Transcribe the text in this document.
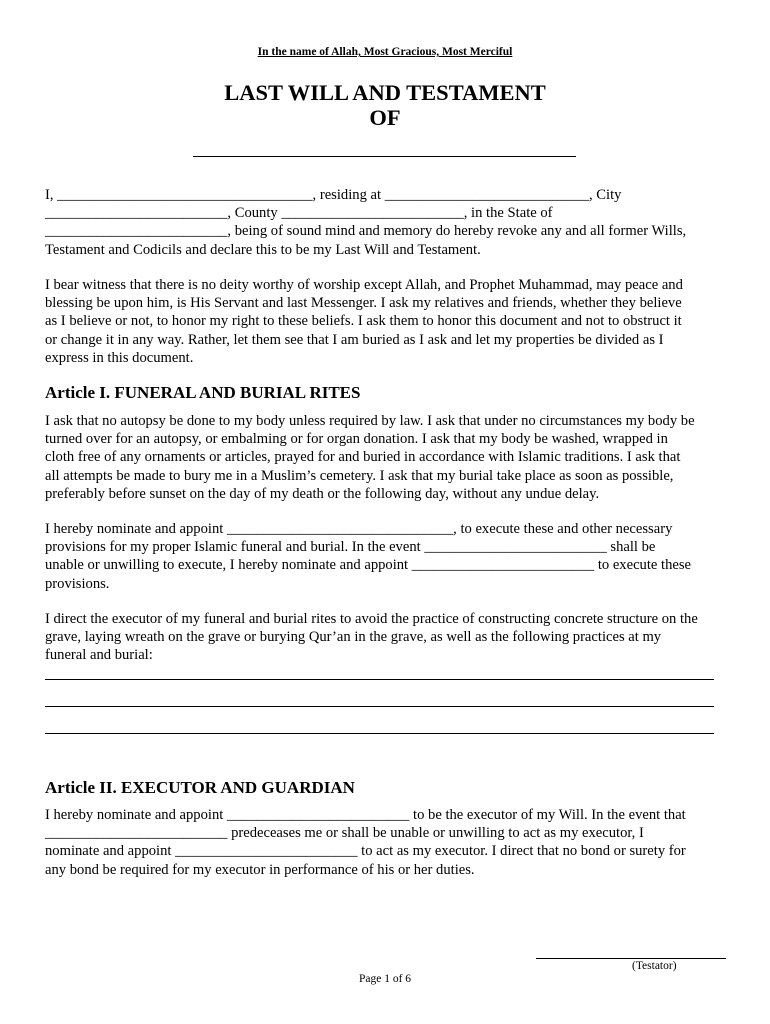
In the name of Allah, Most Gracious, Most Merciful
LAST WILL AND TESTAMENT
OF

I, ___________________________________, residing at ____________________________, City

_________________________, County _________________________, in the State of

_________________________, being of sound mind and memory do hereby revoke any and all former Wills,

Testament and Codicils and declare this to be my Last Will and Testament.

I bear witness that there is no deity worthy of worship except Allah, and Prophet Muhammad, may peace and

blessing be upon him, is His Servant and last Messenger. I ask my relatives and friends, whether they believe

as I believe or not, to honor my right to these beliefs. I ask them to honor this document and not to obstruct it

or change it in any way. Rather, let them see that I am buried as I ask and let my properties be divided as I

express in this document.

Article I. FUNERAL AND BURIAL RITES

I ask that no autopsy be done to my body unless required by law. I ask that under no circumstances my body be

turned over for an autopsy, or embalming or for organ donation. I ask that my body be washed, wrapped in

cloth free of any ornaments or articles, prayed for and buried in accordance with Islamic traditions. I ask that

all attempts be made to bury me in a Muslim’s cemetery. I ask that my burial take place as soon as possible,

preferably before sunset on the day of my death or the following day, without any undue delay.

I hereby nominate and appoint _______________________________, to execute these and other necessary

provisions for my proper Islamic funeral and burial. In the event _________________________ shall be

unable or unwilling to execute, I hereby nominate and appoint _________________________ to execute these

provisions.

I direct the executor of my funeral and burial rites to avoid the practice of constructing concrete structure on the

grave, laying wreath on the grave or burying Qur’an in the grave, as well as the following practices at my

funeral and burial:

Article II. EXECUTOR AND GUARDIAN

I hereby nominate and appoint _________________________ to be the executor of my Will. In the event that

_________________________ predeceases me or shall be unable or unwilling to act as my executor, I

nominate and appoint _________________________ to act as my executor. I direct that no bond or surety for

any bond be required for my executor in performance of his or her duties.

(Testator)
Page 1 of 6
